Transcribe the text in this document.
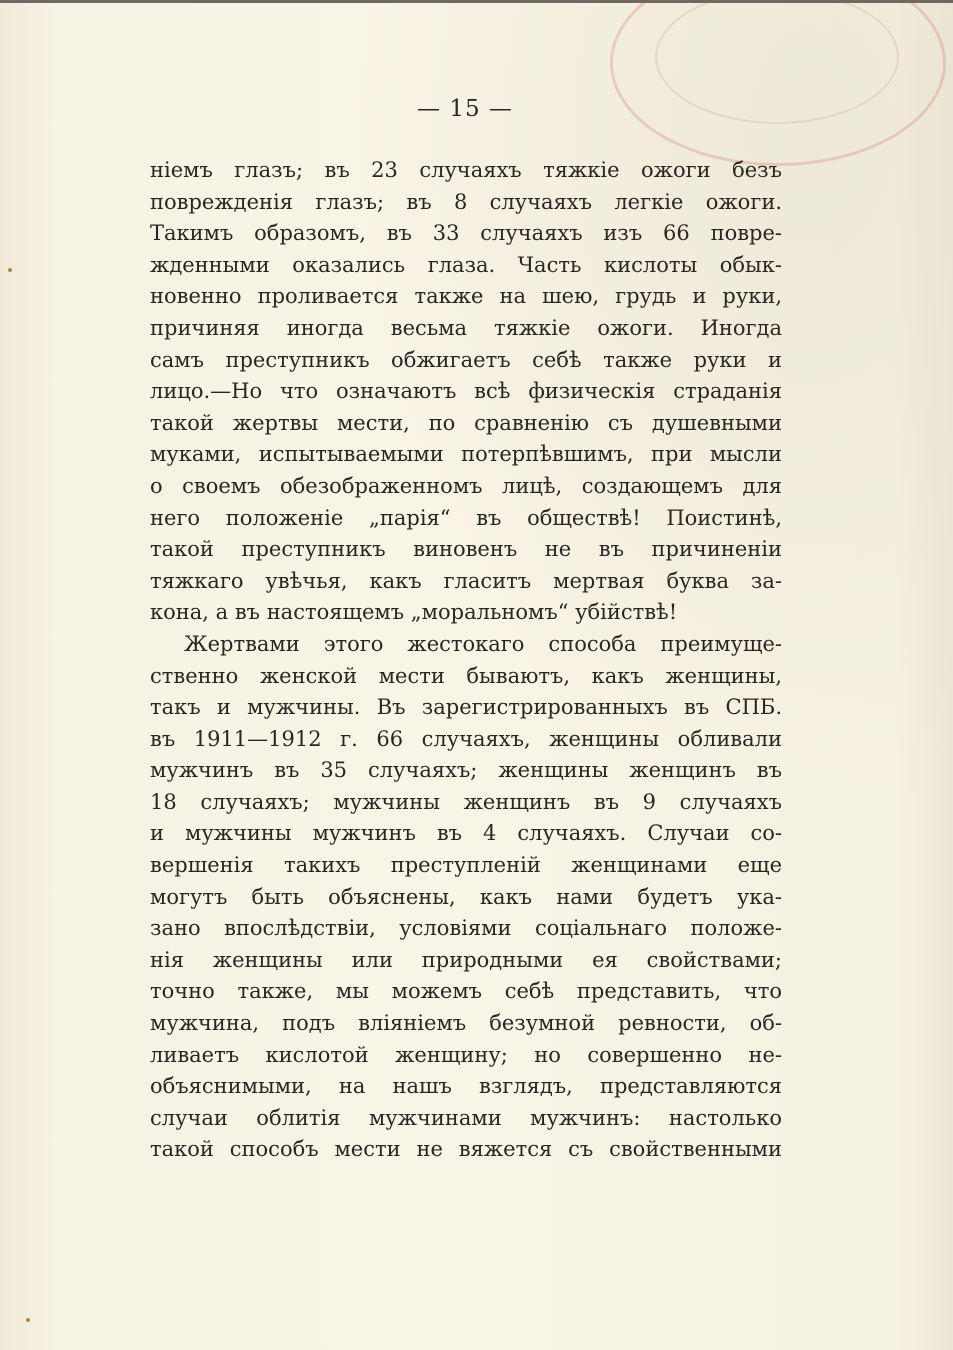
— 15 —
ніемъ глазъ; въ 23 случаяхъ тяжкіе ожоги безъ
поврежденія глазъ; въ 8 случаяхъ легкіе ожоги.
Такимъ образомъ, въ 33 случаяхъ изъ 66 повре-
жденными оказались глаза. Часть кислоты обык-
новенно проливается также на шею, грудь и руки,
причиняя иногда весьма тяжкіе ожоги. Иногда
самъ преступникъ обжигаетъ себѣ также руки и
лицо.—Но что означаютъ всѣ физическія страданія
такой жертвы мести, по сравненію съ душевными
муками, испытываемыми потерпѣвшимъ, при мысли
о своемъ обезображенномъ лицѣ, создающемъ для
него положеніе „парія“ въ обществѣ! Поистинѣ,
такой преступникъ виновенъ не въ причиненіи
тяжкаго увѣчья, какъ гласитъ мертвая буква за-
кона, а въ настоящемъ „моральномъ“ убійствѣ!
Жертвами этого жестокаго способа преимуще-
ственно женской мести бываютъ, какъ женщины,
такъ и мужчины. Въ зарегистрированныхъ въ СПБ.
въ 1911—1912 г. 66 случаяхъ, женщины обливали
мужчинъ въ 35 случаяхъ; женщины женщинъ въ
18 случаяхъ; мужчины женщинъ въ 9 случаяхъ
и мужчины мужчинъ въ 4 случаяхъ. Случаи со-
вершенія такихъ преступленій женщинами еще
могутъ быть объяснены, какъ нами будетъ ука-
зано впослѣдствіи, условіями соціальнаго положе-
нія женщины или природными ея свойствами;
точно также, мы можемъ себѣ представить, что
мужчина, подъ вліяніемъ безумной ревности, об-
ливаетъ кислотой женщину; но совершенно не-
объяснимыми, на нашъ взглядъ, представляются
случаи облитія мужчинами мужчинъ: настолько
такой способъ мести не вяжется съ свойственными
